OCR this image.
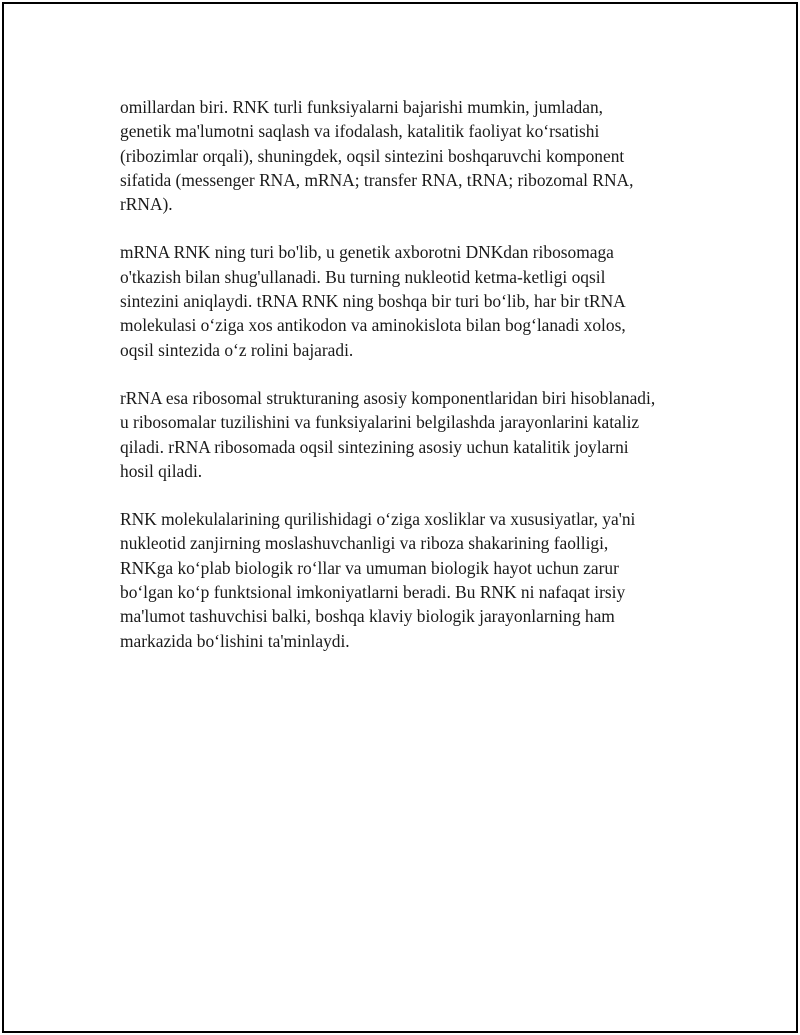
omillardan biri. RNK turli funksiyalarni bajarishi mumkin, jumladan,
genetik ma'lumotni saqlash va ifodalash, katalitik faoliyat ko‘rsatishi
(ribozimlar orqali), shuningdek, oqsil sintezini boshqaruvchi komponent
sifatida (messenger RNA, mRNA; transfer RNA, tRNA; ribozomal RNA,
rRNA).

mRNA RNK ning turi bo'lib, u genetik axborotni DNKdan ribosomaga
o'tkazish bilan shug'ullanadi. Bu turning nukleotid ketma-ketligi oqsil
sintezini aniqlaydi. tRNA RNK ning boshqa bir turi bo‘lib, har bir tRNA
molekulasi o‘ziga xos antikodon va aminokislota bilan bog‘lanadi xolos,
oqsil sintezida o‘z rolini bajaradi.

rRNA esa ribosomal strukturaning asosiy komponentlaridan biri hisoblanadi,
u ribosomalar tuzilishini va funksiyalarini belgilashda jarayonlarini kataliz
qiladi. rRNA ribosomada oqsil sintezining asosiy uchun katalitik joylarni
hosil qiladi.

RNK molekulalarining qurilishidagi o‘ziga xosliklar va xususiyatlar, ya'ni
nukleotid zanjirning moslashuvchanligi va riboza shakarining faolligi,
RNKga ko‘plab biologik ro‘llar va umuman biologik hayot uchun zarur
bo‘lgan ko‘p funktsional imkoniyatlarni beradi. Bu RNK ni nafaqat irsiy
ma'lumot tashuvchisi balki, boshqa klaviy biologik jarayonlarning ham
markazida bo‘lishini ta'minlaydi.
